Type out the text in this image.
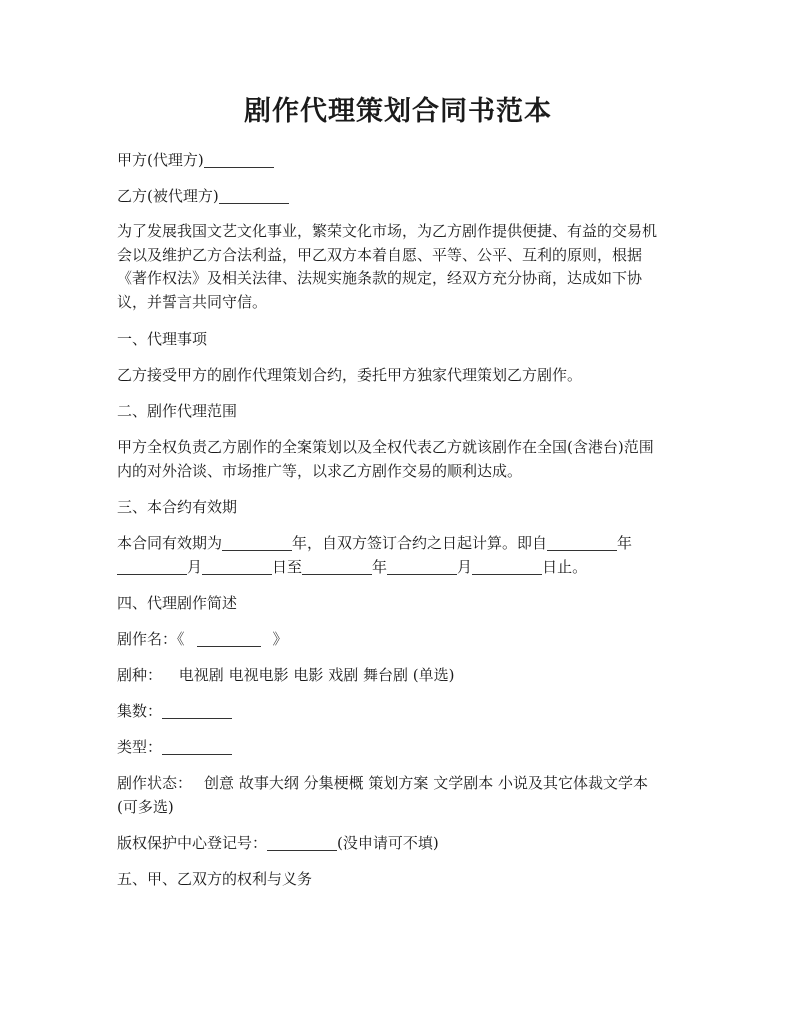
剧作代理策划合同书范本

甲方(代理方)

乙方(被代理方)

为了发展我国文艺文化事业，繁荣文化市场，为乙方剧作提供便捷、有益的交易机
会以及维护乙方合法利益，甲乙双方本着自愿、平等、公平、互利的原则，根据
《著作权法》及相关法律、法规实施条款的规定，经双方充分协商，达成如下协
议，并誓言共同守信。

一、代理事项

乙方接受甲方的剧作代理策划合约，委托甲方独家代理策划乙方剧作。

二、剧作代理范围

甲方全权负责乙方剧作的全案策划以及全权代表乙方就该剧作在全国(含港台)范围
内的对外洽谈、市场推广等，以求乙方剧作交易的顺利达成。

三、本合约有效期

本合同有效期为	年，自双方签订合约之日起计算。即自	年
月	日至	年	月	日止。

四、代理剧作简述

剧作名：《	》

剧种： 电视剧 电视电影 电影 戏剧 舞台剧 (单选)

集数：

类型：

剧作状态： 创意 故事大纲 分集梗概 策划方案 文学剧本 小说及其它体裁文学本
(可多选)

版权保护中心登记号：	(没申请可不填)

五、甲、乙双方的权利与义务
